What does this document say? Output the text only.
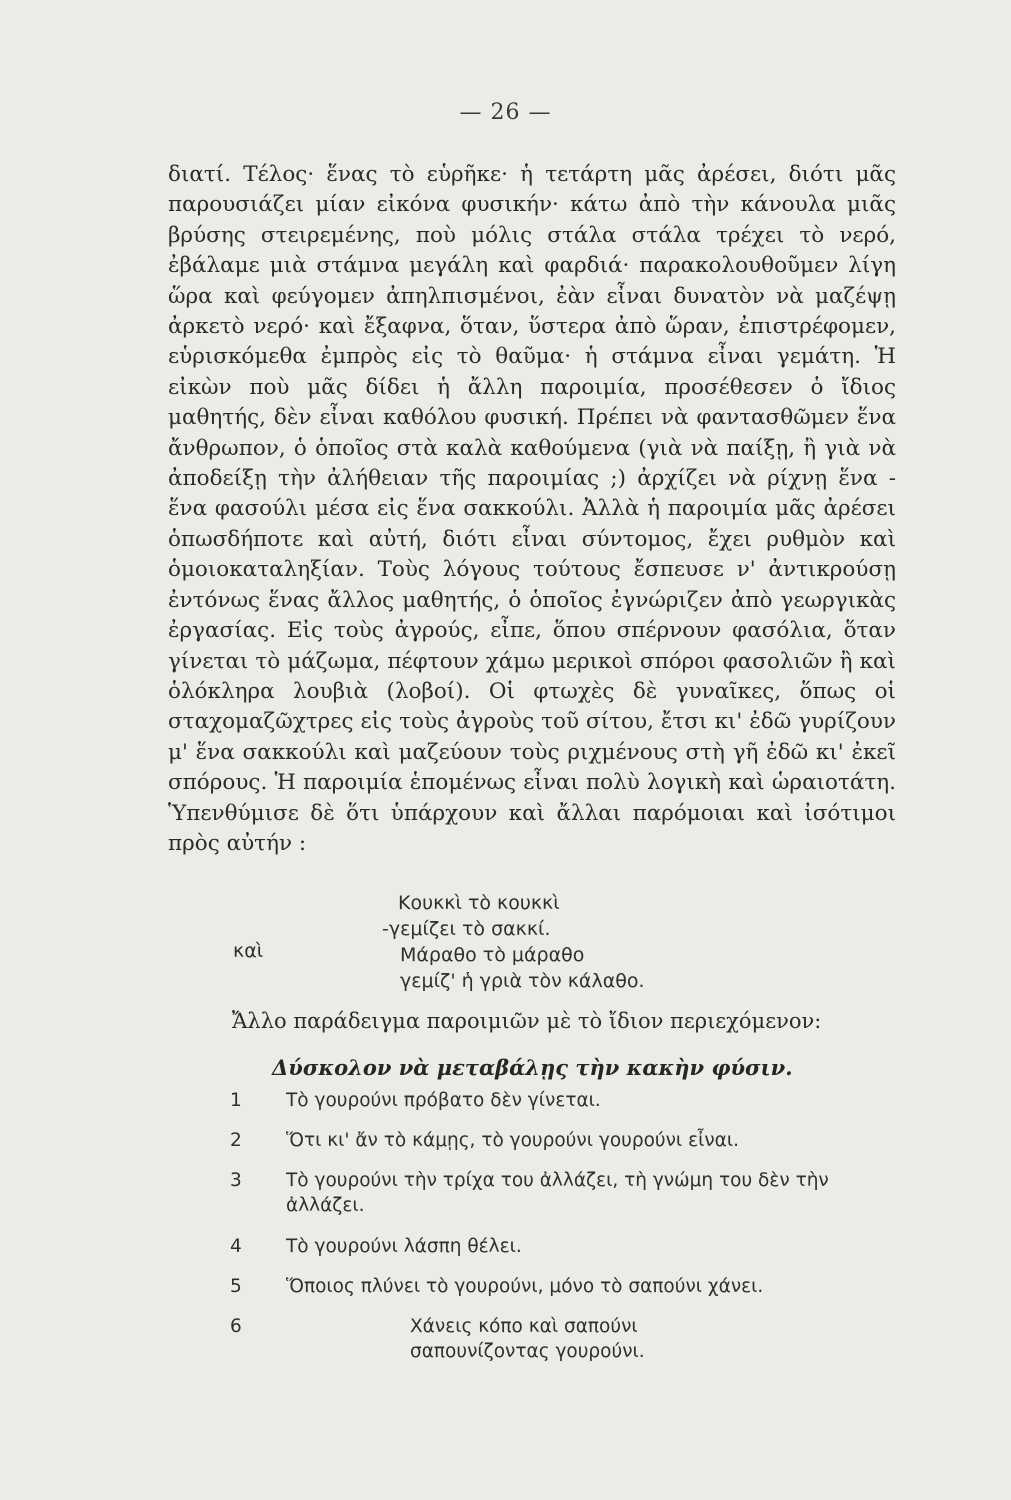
— 26 —

διατί. Τέλος· ἕνας τὸ εὑρῆκε· ἡ τετάρτη μᾶς ἀρέσει, διότι μᾶς παρουσιάζει μίαν εἰκόνα φυσικήν· κάτω ἀπὸ τὴν κάνουλα μιᾶς βρύσης στειρεμένης, ποὺ μόλις στάλα στάλα τρέχει τὸ νερό, ἐβάλαμε μιὰ στάμνα μεγάλη καὶ φαρδιά· παρακολουθοῦμεν λίγη ὥρα καὶ φεύγομεν ἀπηλπισμένοι, ἐὰν εἶναι δυνατὸν νὰ μαζέψῃ ἀρκετὸ νερό· καὶ ἔξαφνα, ὅταν, ὕστερα ἀπὸ ὥραν, ἐπιστρέφομεν, εὑρισκόμεθα ἐμπρὸς εἰς τὸ θαῦμα· ἡ στάμνα εἶναι γεμάτη. Ἡ εἰκὼν ποὺ μᾶς δίδει ἡ ἄλλη παροιμία, προσέθεσεν ὁ ἴδιος μαθητής, δὲν εἶναι καθόλου φυσική. Πρέπει νὰ φαντασθῶμεν ἕνα ἄνθρωπον, ὁ ὁποῖος στὰ καλὰ καθούμενα (γιὰ νὰ παίξῃ, ἢ γιὰ νὰ ἀποδείξῃ τὴν ἀλήθειαν τῆς παροιμίας ;) ἀρχίζει νὰ ρίχνῃ ἕνα - ἕνα φασούλι μέσα εἰς ἕνα σακκούλι. Ἀλλὰ ἡ παροιμία μᾶς ἀρέσει ὁπωσδήποτε καὶ αὐτή, διότι εἶναι σύντομος, ἔχει ρυθμὸν καὶ ὁμοιοκαταληξίαν. Τοὺς λόγους τούτους ἔσπευσε ν' ἀντικρούσῃ ἐντόνως ἕνας ἄλλος μαθητής, ὁ ὁποῖος ἐγνώριζεν ἀπὸ γεωργικὰς ἐργασίας. Εἰς τοὺς ἀγρούς, εἶπε, ὅπου σπέρνουν φασόλια, ὅταν γίνεται τὸ μάζωμα, πέφτουν χάμω μερικοὶ σπόροι φασολιῶν ἢ καὶ ὁλόκληρα λουβιὰ (λοβοί). Οἱ φτωχὲς δὲ γυναῖκες, ὅπως οἱ σταχομαζῶχτρες εἰς τοὺς ἀγροὺς τοῦ σίτου, ἔτσι κι' ἐδῶ γυρίζουν μ' ἕνα σακκούλι καὶ μαζεύουν τοὺς ριχμένους στὴ γῆ ἐδῶ κι' ἐκεῖ σπόρους. Ἡ παροιμία ἑπομένως εἶναι πολὺ λογικὴ καὶ ὡραιοτάτη. Ὑπενθύμισε δὲ ὅτι ὑπάρχουν καὶ ἄλλαι παρόμοιαι καὶ ἰσότιμοι πρὸς αὐτήν :

Κουκκὶ τὸ κουκκὶ
-γεμίζει τὸ σακκί.
καὶ	Μάραθο τὸ μάραθο
γεμίζ' ἡ γριὰ τὸν κάλαθο.
Ἄλλο παράδειγμα παροιμιῶν μὲ τὸ ἴδιον περιεχόμενον:
Δύσκολον νὰ μεταβάλῃς τὴν κακὴν φύσιν.
1	Τὸ γουρούνι πρόβατο δὲν γίνεται.
2	Ὅτι κι' ἄν τὸ κάμῃς, τὸ γουρούνι γουρούνι εἶναι.
3	Τὸ γουρούνι τὴν τρίχα του ἀλλάζει, τὴ γνώμη του δὲν τὴν ἀλλάζει.
4	Τὸ γουρούνι λάσπη θέλει.
5	Ὅποιος πλύνει τὸ γουρούνι, μόνο τὸ σαπούνι χάνει.
6	Χάνεις κόπο καὶ σαπούνι
σαπουνίζοντας γουρούνι.
